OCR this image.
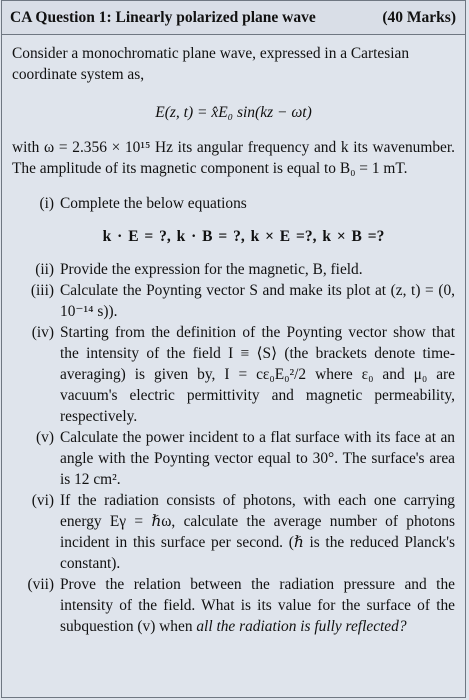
CA Question 1: Linearly polarized plane wave	(40 Marks)

Consider a monochromatic plane wave, expressed in a Cartesian coordinate system as,

E(z, t) = x̂E₀ sin(kz − ωt)

with ω = 2.356 × 10¹⁵ Hz its angular frequency and k its wavenumber. The amplitude of its magnetic component is equal to B₀ = 1 mT.

(i) Complete the below equations
k · E = ?, k · B = ?, k × E =?, k × B =?
(ii) Provide the expression for the magnetic, B, field.
(iii) Calculate the Poynting vector S and make its plot at (z, t) = (0, 10⁻¹⁴ s)).
(iv) Starting from the definition of the Poynting vector show that the intensity of the field I ≡ ⟨S⟩ (the brackets denote time-averaging) is given by, I = cε₀E₀²/2 where ε₀ and μ₀ are vacuum's electric permittivity and magnetic permeability, respectively.
(v) Calculate the power incident to a flat surface with its face at an angle with the Poynting vector equal to 30°. The surface's area is 12 cm².
(vi) If the radiation consists of photons, with each one carrying energy Eγ = ℏω, calculate the average number of photons incident in this surface per second. (ℏ is the reduced Planck's constant).
(vii) Prove the relation between the radiation pressure and the intensity of the field. What is its value for the surface of the subquestion (v) when all the radiation is fully reflected?
